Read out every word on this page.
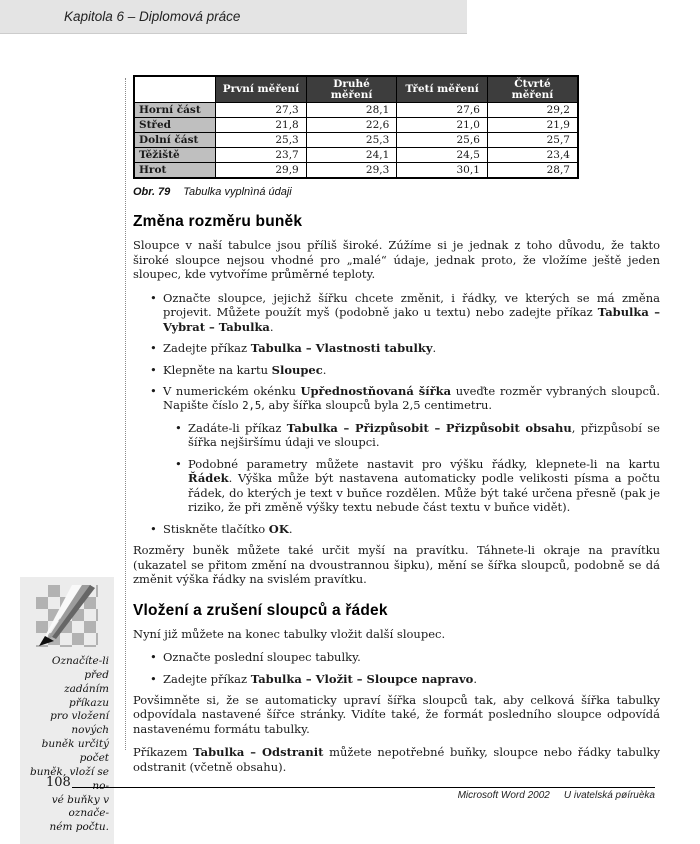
Kapitola 6 – Diplomová práce
	První měření	Druhé měření	Třetí měření	Čtvrté měření
Horní část	27,3	28,1	27,6	29,2
Střed	21,8	22,6	21,0	21,9
Dolní část	25,3	25,3	25,6	25,7
Těžiště	23,7	24,1	24,5	23,4
Hrot	29,9	29,3	30,1	28,7
Obr. 79 Tabulka vyplnìná údaji
Změna rozměru buněk

Sloupce v naší tabulce jsou příliš široké. Zúžíme si je jednak z toho důvodu, že takto široké sloupce nejsou vhodné pro „malé“ údaje, jednak proto, že vložíme ještě jeden sloupec, kde vytvoříme průměrné teploty.

• Označte sloupce, jejichž šířku chcete změnit, i řádky, ve kterých se má změna projevit. Můžete použít myš (podobně jako u textu) nebo zadejte příkaz Tabulka – Vybrat – Tabulka.
• Zadejte příkaz Tabulka – Vlastnosti tabulky.
• Klepněte na kartu Sloupec.
• V numerickém okénku Upřednostňovaná šířka uveďte rozměr vybraných sloupců. Napište číslo 2,5, aby šířka sloupců byla 2,5 centimetru.
• Zadáte-li příkaz Tabulka – Přizpůsobit – Přizpůsobit obsahu, přizpůsobí se šířka nejširšímu údaji ve sloupci.
• Podobné parametry můžete nastavit pro výšku řádky, klepnete-li na kartu Řádek. Výška může být nastavena automaticky podle velikosti písma a počtu řádek, do kterých je text v buňce rozdělen. Může být také určena přesně (pak je riziko, že při změně výšky textu nebude část textu v buňce vidět).
• Stiskněte tlačítko OK.

Rozměry buněk můžete také určit myší na pravítku. Táhnete-li okraje na pravítku (ukazatel se přitom změní na dvoustrannou šipku), mění se šířka sloupců, podobně se dá změnit výška řádky na svislém pravítku.

Vložení a zrušení sloupců a řádek

Nyní již můžete na konec tabulky vložit další sloupec.

• Označte poslední sloupec tabulky.
• Zadejte příkaz Tabulka – Vložit – Sloupce napravo.

Povšimněte si, že se automaticky upraví šířka sloupců tak, aby celková šířka tabulky odpovídala nastavené šířce stránky. Vidíte také, že formát posledního sloupce odpovídá nastavenému formátu tabulky.

Příkazem Tabulka – Odstranit můžete nepotřebné buňky, sloupce nebo řádky tabulky odstranit (včetně obsahu).

Označíte-li před
zadáním příkazu
pro vložení nových
buněk určitý počet
buněk, vloží se no-
vé buňky v označe-
ném počtu.
108
Microsoft Word 2002 U ivatelská pøíruèka
